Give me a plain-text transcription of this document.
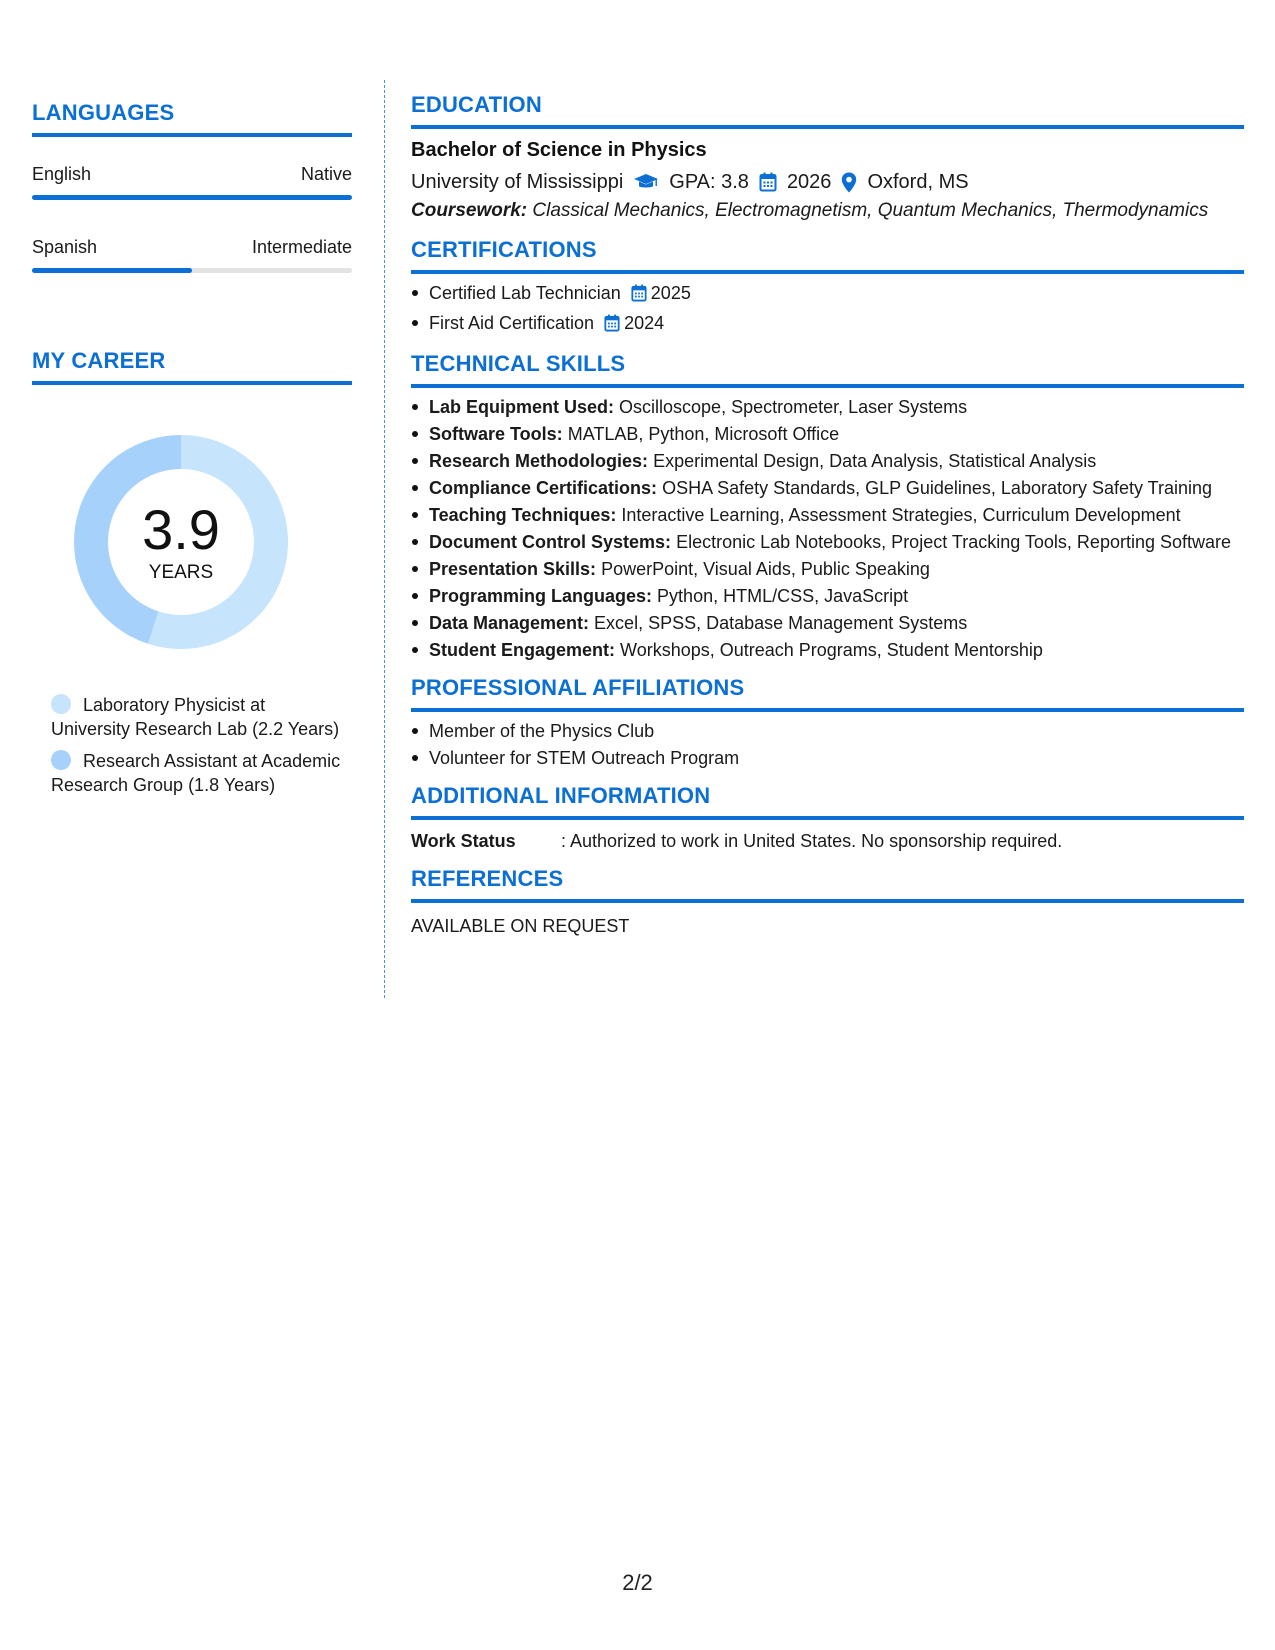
LANGUAGES
English	Native
Spanish	Intermediate
MY CAREER
3.9
YEARS
Laboratory Physicist at University Research Lab (2.2 Years)
Research Assistant at Academic Research Group (1.8 Years)
EDUCATION
Bachelor of Science in Physics
University of Mississippi GPA: 3.8 2026 Oxford, MS
Coursework: Classical Mechanics, Electromagnetism, Quantum Mechanics, Thermodynamics
CERTIFICATIONS
Certified Lab Technician 2025
First Aid Certification 2024
TECHNICAL SKILLS
Lab Equipment Used: Oscilloscope, Spectrometer, Laser Systems
Software Tools: MATLAB, Python, Microsoft Office
Research Methodologies: Experimental Design, Data Analysis, Statistical Analysis
Compliance Certifications: OSHA Safety Standards, GLP Guidelines, Laboratory Safety Training
Teaching Techniques: Interactive Learning, Assessment Strategies, Curriculum Development
Document Control Systems: Electronic Lab Notebooks, Project Tracking Tools, Reporting Software
Presentation Skills: PowerPoint, Visual Aids, Public Speaking
Programming Languages: Python, HTML/CSS, JavaScript
Data Management: Excel, SPSS, Database Management Systems
Student Engagement: Workshops, Outreach Programs, Student Mentorship
PROFESSIONAL AFFILIATIONS
Member of the Physics Club
Volunteer for STEM Outreach Program
ADDITIONAL INFORMATION
Work Status	: Authorized to work in United States. No sponsorship required.
REFERENCES
AVAILABLE ON REQUEST
2/2
